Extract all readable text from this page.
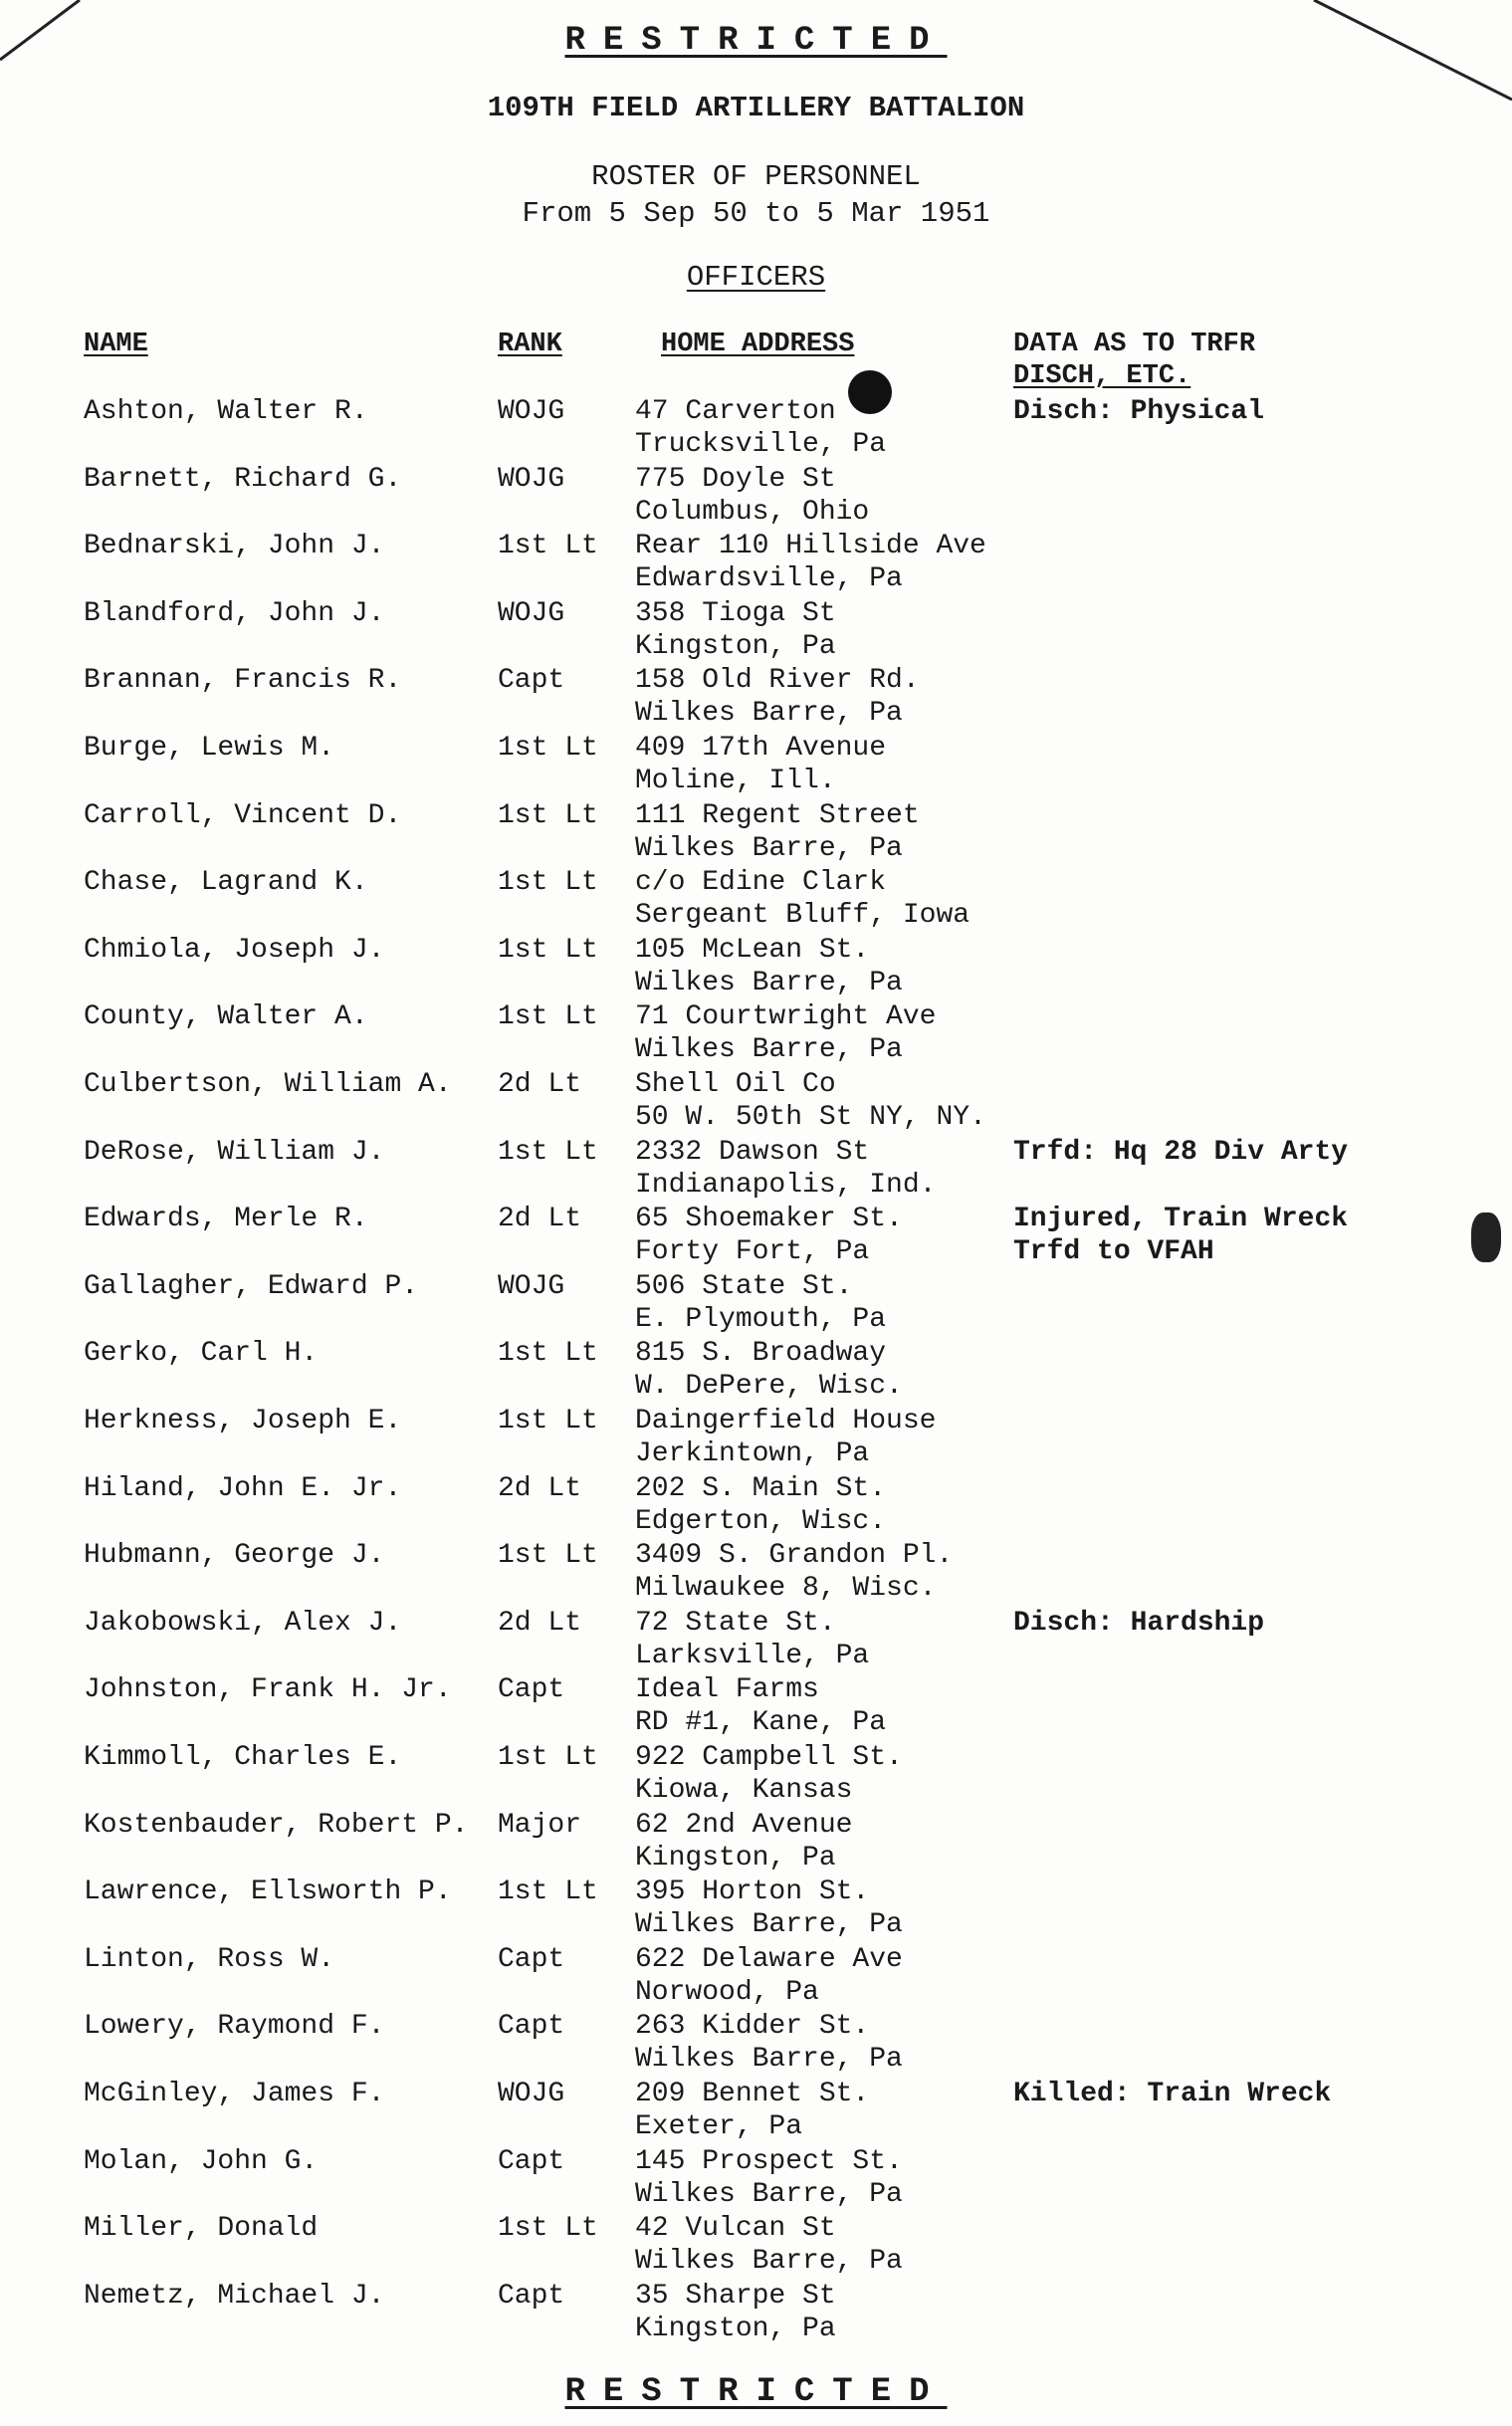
RESTRICTED
109TH FIELD ARTILLERY BATTALION
ROSTER OF PERSONNEL
From 5 Sep 50 to 5 Mar 1951
OFFICERS
NAME	RANK	HOME ADDRESS	DATA AS TO TRFR
DISCH, ETC.
Ashton, Walter R.	WOJG	47 Carverton
Trucksville, Pa
Disch: Physical
Barnett, Richard G.	WOJG	775 Doyle St
Columbus, Ohio
Bednarski, John J.	1st Lt Rear 110 Hillside Ave
Edwardsville, Pa
Blandford, John J.	WOJG	358 Tioga St
Kingston, Pa
Brannan, Francis R.	Capt	158 Old River Rd.
Wilkes Barre, Pa
Burge, Lewis M.	1st Lt 409 17th Avenue
Moline, Ill.
Carroll, Vincent D.	1st Lt 111 Regent Street
Wilkes Barre, Pa
Chase, Lagrand K.	1st Lt c/o Edine Clark
Sergeant Bluff, Iowa
Chmiola, Joseph J.	1st Lt 105 McLean St.
Wilkes Barre, Pa
County, Walter A.	1st Lt 71 Courtwright Ave
Wilkes Barre, Pa
Culbertson, William A. 2d Lt Shell Oil Co
50 W. 50th St NY, NY.
DeRose, William J.	1st Lt 2332 Dawson St
Indianapolis, Ind.
Trfd: Hq 28 Div Arty
Edwards, Merle R.	2d Lt 65 Shoemaker St.
Forty Fort, Pa
Injured, Train Wreck
Trfd to VFAH
Gallagher, Edward P.	WOJG	506 State St.
E. Plymouth, Pa
Gerko, Carl H.	1st Lt 815 S. Broadway
W. DePere, Wisc.
Herkness, Joseph E.	1st Lt Daingerfield House
Jerkintown, Pa
Hiland, John E. Jr.	2d Lt 202 S. Main St.
Edgerton, Wisc.
Hubmann, George J.	1st Lt 3409 S. Grandon Pl.
Milwaukee 8, Wisc.
Jakobowski, Alex J.	2d Lt 72 State St.
Larksville, Pa
Disch: Hardship
Johnston, Frank H. Jr. Capt	Ideal Farms
RD #1, Kane, Pa
Kimmoll, Charles E.	1st Lt 922 Campbell St.
Kiowa, Kansas
Kostenbauder, Robert P. Major 62 2nd Avenue
Kingston, Pa
Lawrence, Ellsworth P. 1st Lt 395 Horton St.
Wilkes Barre, Pa
Linton, Ross W.	Capt	622 Delaware Ave
Norwood, Pa
Lowery, Raymond F.	Capt	263 Kidder St.
Wilkes Barre, Pa
McGinley, James F.	WOJG	209 Bennet St.
Exeter, Pa
Killed: Train Wreck
Molan, John G.	Capt	145 Prospect St.
Wilkes Barre, Pa
Miller, Donald	1st Lt 42 Vulcan St
Wilkes Barre, Pa
Nemetz, Michael J.	Capt	35 Sharpe St
Kingston, Pa
RESTRICTED
